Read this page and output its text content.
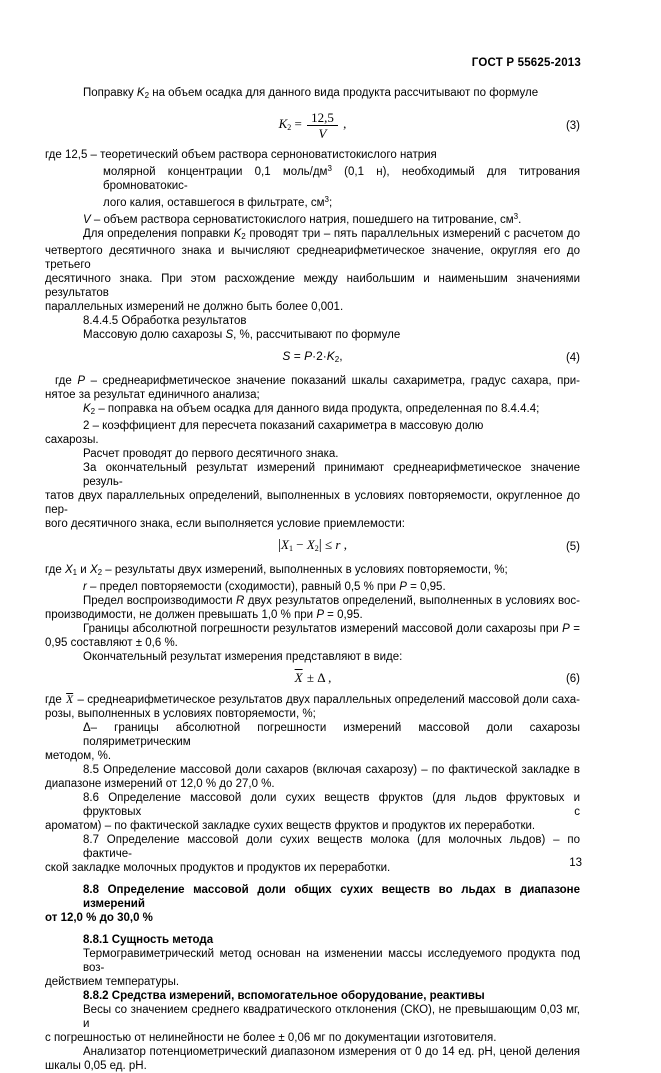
ГОСТ Р 55625-2013
Поправку $K_2$ на объем осадка для данного вида продукта рассчитывают по формуле
$K_2 = \frac{12,5}{V}$ ,	(3)
где 12,5 – теоретический объем раствора серноноватистокислого натрия
молярной концентрации 0,1 моль/$дм^3$ (0,1 н), необходимый для титрования бромноватокис-
лого калия, оставшегося в фильтрате, $см^3$;
V – объем раствора серноватистокислого натрия, пошедшего на титрование, $см^3$.
Для определения поправки $K_2$ проводят три – пять параллельных измерений с расчетом до
четвертого десятичного знака и вычисляют среднеарифметическое значение, округляя его до третьего
десятичного знака. При этом расхождение между наибольшим и наименьшим значениями результатов
параллельных измерений не должно быть более 0,001.
8.4.4.5 Обработка результатов
Массовую долю сахарозы S, %, рассчитывают по формуле
$S = P\cdot 2\cdot K_2$,	(4)
где P – среднеарифметическое значение показаний шкалы сахариметра, градус сахара, при-
нятое за результат единичного анализа;
$K_2$ – поправка на объем осадка для данного вида продукта, определенная по 8.4.4.4;
2 – коэффициент для пересчета показаний сахариметра в массовую долю
сахарозы.
Расчет проводят до первого десятичного знака.
За окончательный результат измерений принимают среднеарифметическое значение резуль-
татов двух параллельных определений, выполненных в условиях повторяемости, округленное до пер-
вого десятичного знака, если выполняется условие приемлемости:
$|X_1 - X_2| \le r$ ,	(5)
где $X_1$ и $X_2$ – результаты двух измерений, выполненных в условиях повторяемости, %;
r – предел повторяемости (сходимости), равный 0,5 % при P = 0,95.
Предел воспроизводимости R двух результатов определений, выполненных в условиях вос-
производимости, не должен превышать 1,0 % при P = 0,95.
Границы абсолютной погрешности результатов измерений массовой доли сахарозы при P =
0,95 составляют ± 0,6 %.
Окончательный результат измерения представляют в виде:
$\overline{X} \pm \Delta$ ,	(6)
где $\overline{X}$ – среднеарифметическое результатов двух параллельных определений массовой доли саха-
розы, выполненных в условиях повторяемости, %;
Δ– границы абсолютной погрешности измерений массовой доли сахарозы поляриметрическим
методом, %.
8.5 Определение массовой доли сахаров (включая сахарозу) – по фактической закладке в
диапазоне измерений от 12,0 % до 27,0 %.
8.6 Определение массовой доли сухих веществ фруктов (для льдов фруктовых и фруктовых с
ароматом) – по фактической закладке сухих веществ фруктов и продуктов их переработки.
8.7 Определение массовой доли сухих веществ молока (для молочных льдов) – по фактиче-
ской закладке молочных продуктов и продуктов их переработки.
8.8 Определение массовой доли общих сухих веществ во льдах в диапазоне измерений
от 12,0 % до 30,0 %
8.8.1 Сущность метода
Термогравиметрический метод основан на изменении массы исследуемого продукта под воз-
действием температуры.
8.8.2 Средства измерений, вспомогательное оборудование, реактивы
Весы со значением среднего квадратического отклонения (СКО), не превышающим 0,03 мг, и
с погрешностью от нелинейности не более ± 0,06 мг по документации изготовителя.
Анализатор потенциометрический диапазоном измерения от 0 до 14 ед. pH, ценой деления
шкалы 0,05 ед. pH.
13
